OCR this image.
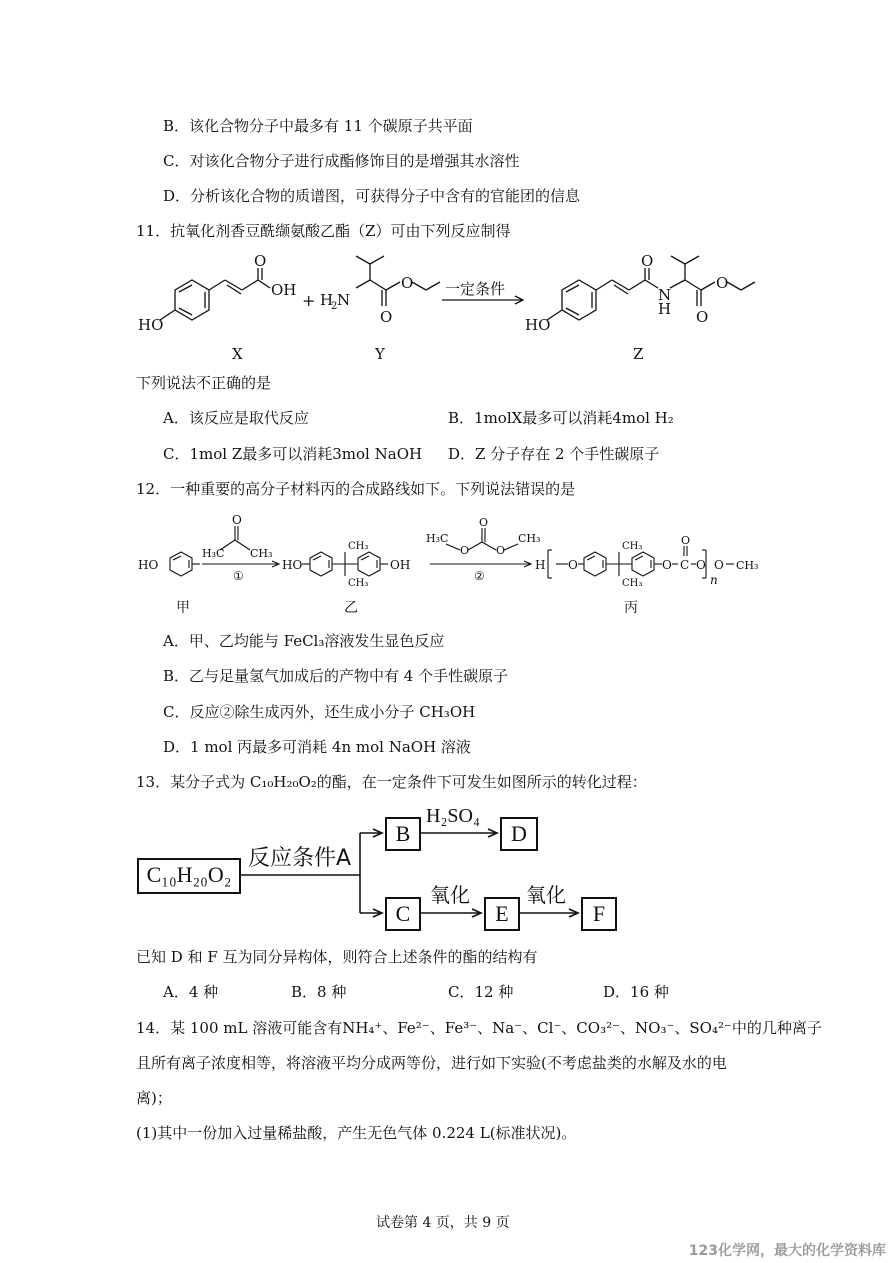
B．该化合物分子中最多有 11 个碳原子共平面
C．对该化合物分子进行成酯修饰目的是增强其水溶性
D．分析该化合物的质谱图，可获得分子中含有的官能团的信息
11．抗氧化剂香豆酰缬氨酸乙酯（Z）可由下列反应制得
HO
O
OH
+ H
2 N
O
O 一定条件
HO
O
N
H O
O
X	Y	Z
下列说法不正确的是
A．该反应是取代反应	B．1molX最多可以消耗4mol H₂
C．1mol Z最多可以消耗3mol NaOH D．Z 分子存在 2 个手性碳原子
12．一种重要的高分子材料丙的合成路线如下。下列说法错误的是
HO
O
H₃C CH₃
①
HO
CH₃
CH₃
OH
H₃C
O
O
O
CH₃
②
H O
CH₃
CH₃
O C
O
O
n
O CH₃
甲	乙	丙
A．甲、乙均能与 FeCl₃溶液发生显色反应
B．乙与足量氢气加成后的产物中有 4 个手性碳原子
C．反应②除生成丙外，还生成小分子 CH₃OH
D．1 mol 丙最多可消耗 4n mol NaOH 溶液
13．某分子式为 C₁₀H₂₀O₂的酯，在一定条件下可发生如图所示的转化过程：
C₁₀H₂₀O₂
反应条件A
B
H₂SO₄
D
C
氧化
E
氧化
F
已知 D 和 F 互为同分异构体，则符合上述条件的酯的结构有
A．4 种	B．8 种	C．12 种	D．16 种
14．某 100 mL 溶液可能含有NH₄⁺、Fe²⁻、Fe³⁻、Na⁻、Cl⁻、CO₃²⁻、NO₃⁻、SO₄²⁻中的几种离子
且所有离子浓度相等，将溶液平均分成两等份，进行如下实验(不考虑盐类的水解及水的电
离)；
(1)其中一份加入过量稀盐酸，产生无色气体 0.224 L(标准状况)。
试卷第 4 页，共 9 页
123化学网，最大的化学资料库
